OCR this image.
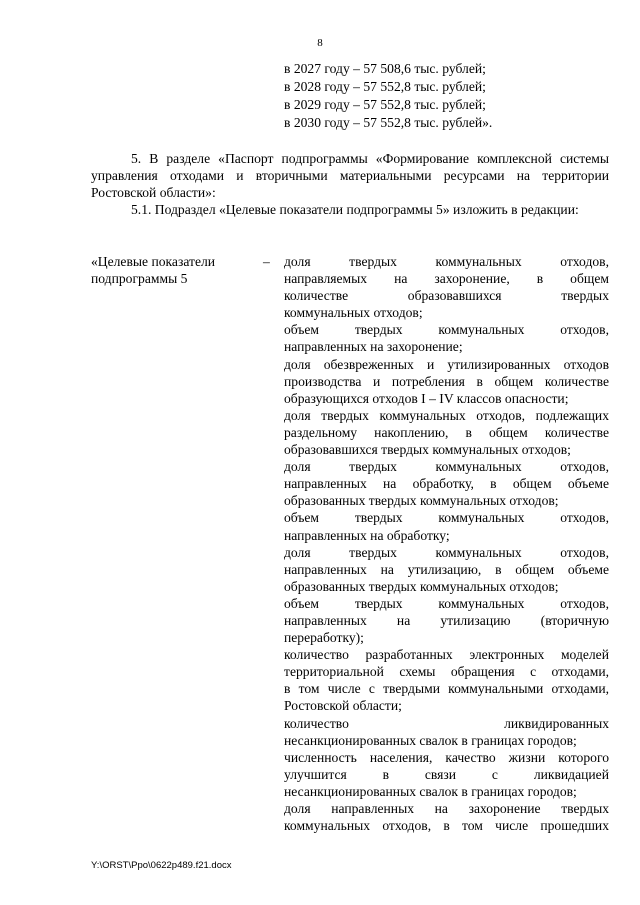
8
в 2027 году – 57 508,6 тыс. рублей;
в 2028 году – 57 552,8 тыс. рублей;
в 2029 году – 57 552,8 тыс. рублей;
в 2030 году – 57 552,8 тыс. рублей».
5. В разделе «Паспорт подпрограммы «Формирование комплексной системы управления отходами и вторичными материальными ресурсами на территории Ростовской области»:
5.1. Подраздел «Целевые показатели подпрограммы 5» изложить в редакции:
«Целевые показатели подпрограммы 5
– доля твердых коммунальных отходов,
направляемых на захоронение, в общем
количестве образовавшихся твердых
коммунальных отходов;
объем твердых коммунальных отходов,
направленных на захоронение;
доля обезвреженных и утилизированных отходов
производства и потребления в общем количестве
образующихся отходов I – IV классов опасности;
доля твердых коммунальных отходов, подлежащих
раздельному накоплению, в общем количестве
образовавшихся твердых коммунальных отходов;
доля твердых коммунальных отходов,
направленных на обработку, в общем объеме
образованных твердых коммунальных отходов;
объем твердых коммунальных отходов,
направленных на обработку;
доля твердых коммунальных отходов,
направленных на утилизацию, в общем объеме
образованных твердых коммунальных отходов;
объем твердых коммунальных отходов,
направленных на утилизацию (вторичную
переработку);
количество разработанных электронных моделей
территориальной схемы обращения с отходами,
в том числе с твердыми коммунальными отходами,
Ростовской области;
количество ликвидированных
несанкционированных свалок в границах городов;
численность населения, качество жизни которого
улучшится в связи с ликвидацией
несанкционированных свалок в границах городов;
доля направленных на захоронение твердых
коммунальных отходов, в том числе прошедших
Y:\ORST\Ppo\0622p489.f21.docx
